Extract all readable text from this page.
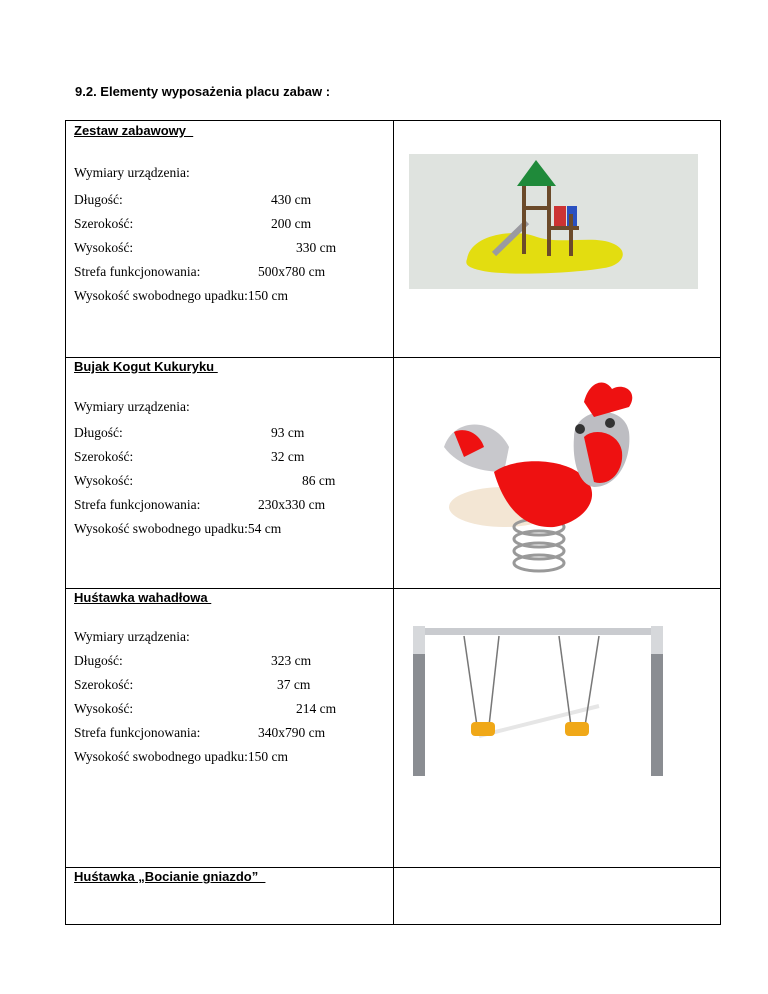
9.2. Elementy wyposażenia placu zabaw :
Zestaw zabawowy
Wymiary urządzenia:
Długość:	430 cm
Szerokość:	200 cm
Wysokość:	330 cm
Strefa funkcjonowania:	500x780 cm
Wysokość swobodnego upadku:150 cm
Bujak Kogut Kukuryku
Wymiary urządzenia:
Długość:	93 cm
Szerokość:	32 cm
Wysokość:	86 cm
Strefa funkcjonowania:	230x330 cm
Wysokość swobodnego upadku:54 cm
Huśtawka wahadłowa
Wymiary urządzenia:
Długość:	323 cm
Szerokość:	37 cm
Wysokość:	214 cm
Strefa funkcjonowania:	340x790 cm
Wysokość swobodnego upadku:150 cm
Huśtawka „Bocianie gniazdo”
